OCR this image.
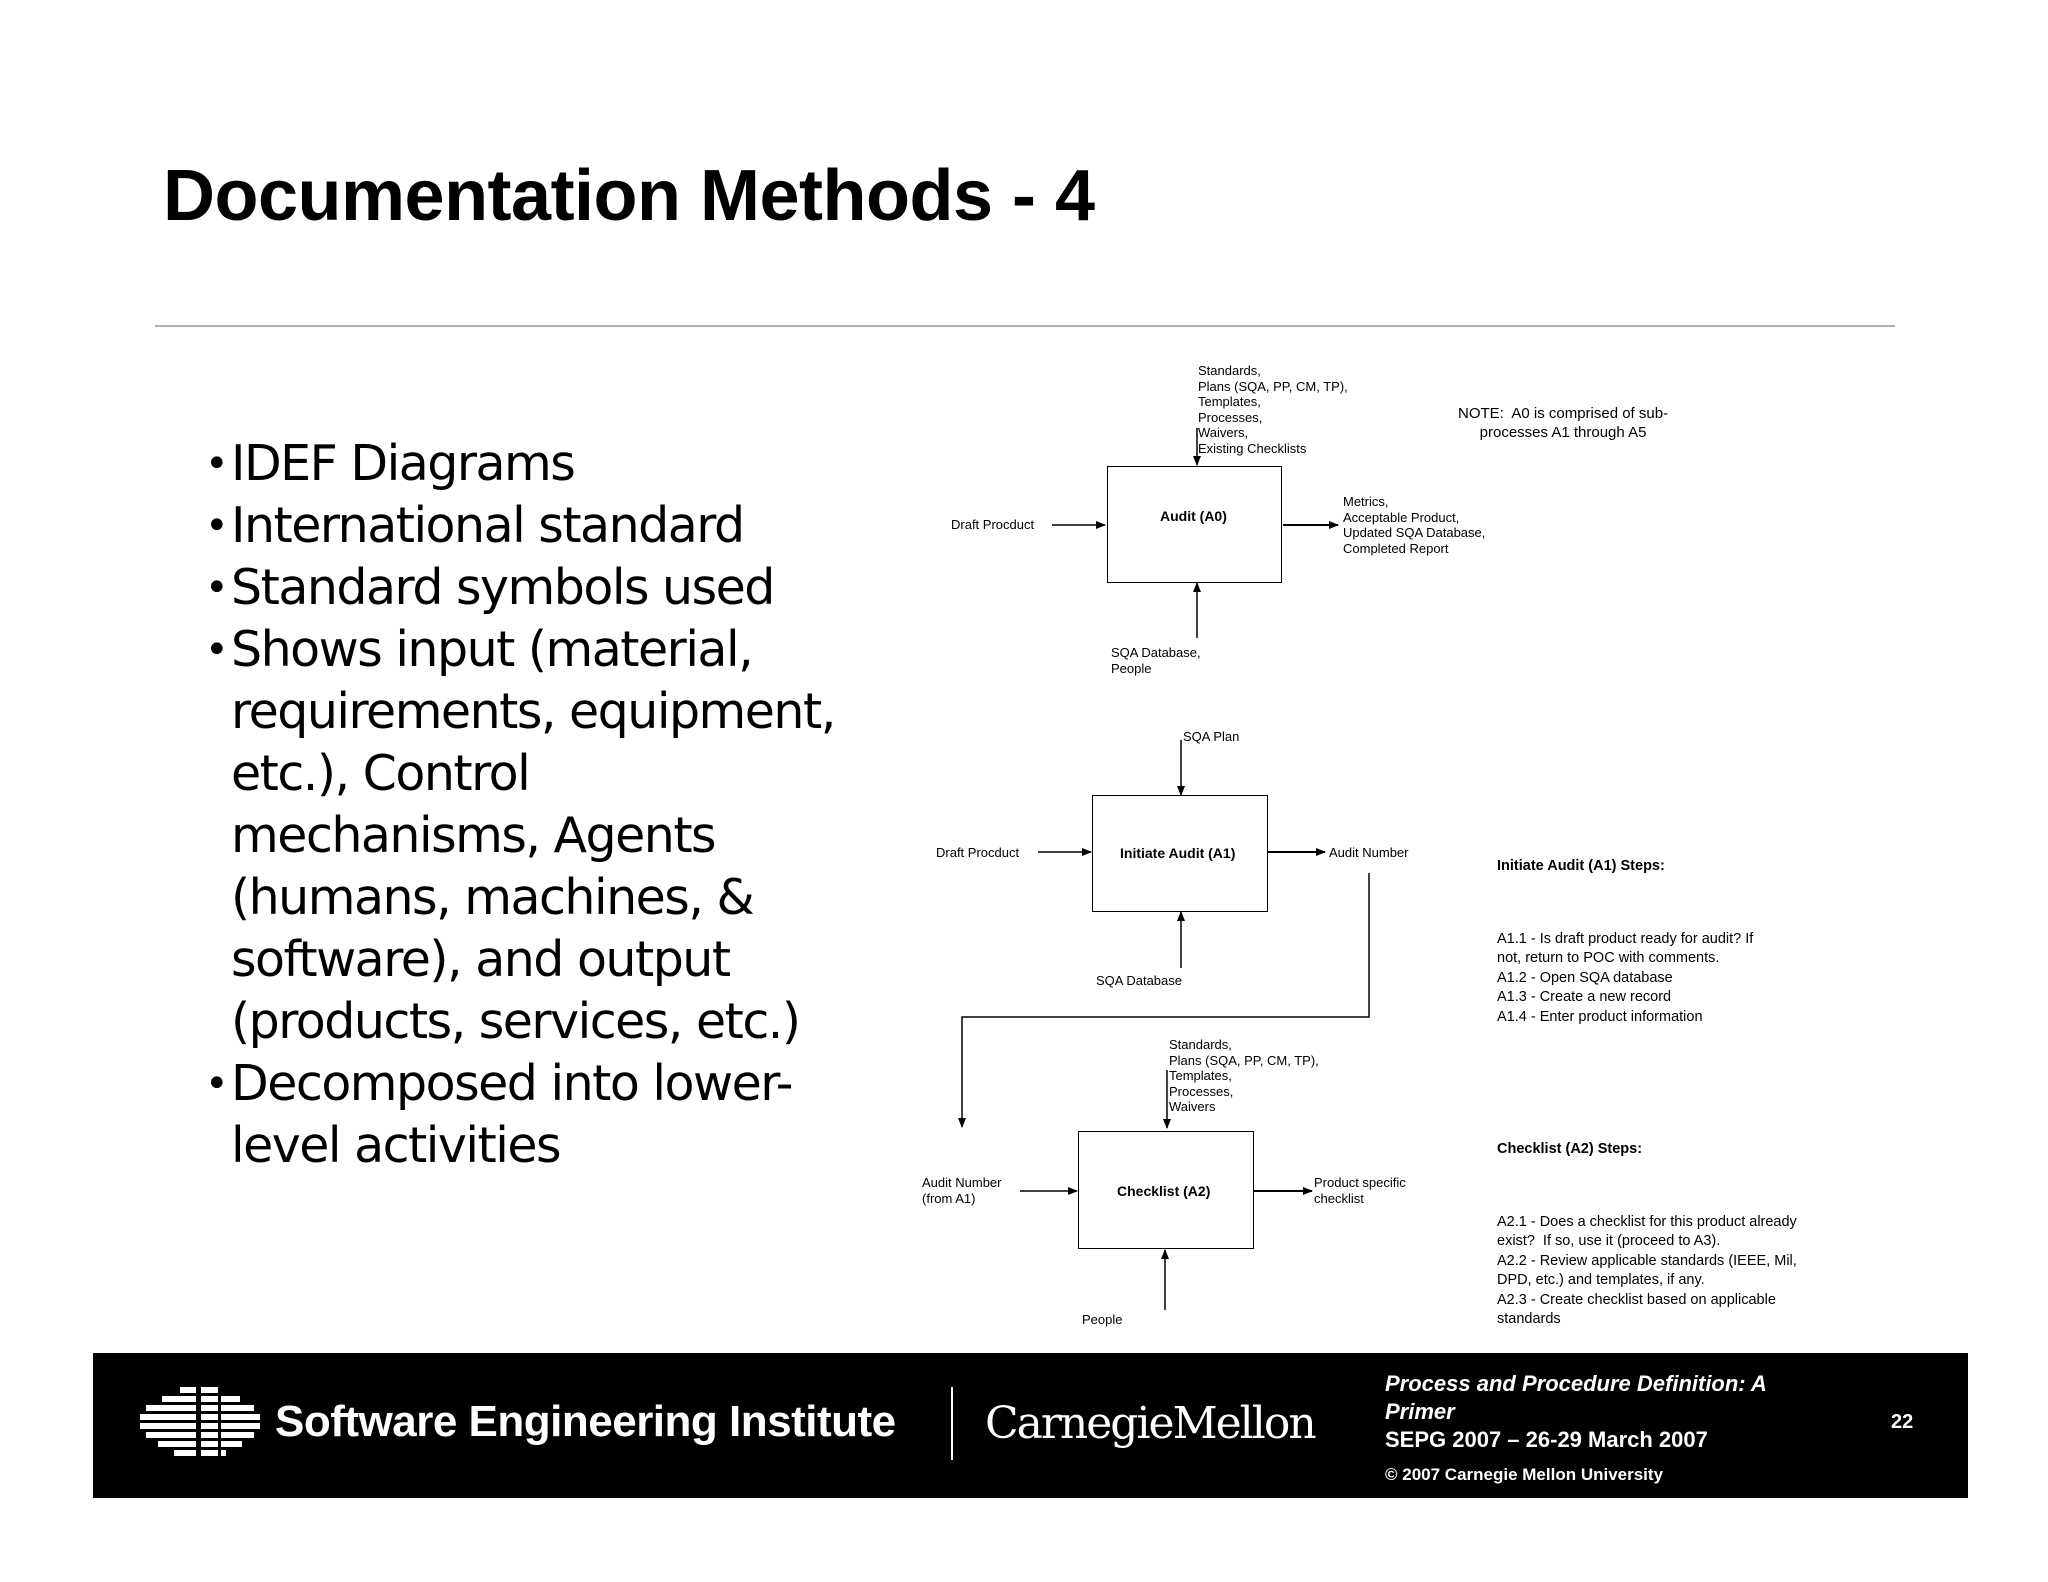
Documentation Methods - 4
• IDEF Diagrams
• International standard
• Standard symbols used
• Shows input (material,
requirements, equipment,
etc.), Control
mechanisms, Agents
(humans, machines, &
software), and output
(products, services, etc.)
• Decomposed into lower-
level activities
Standards,
Plans (SQA, PP, CM, TP),
Templates,
Processes,
Waivers,
Existing Checklists
Draft Procduct
Audit (A0)
Metrics,
Acceptable Product,
Updated SQA Database,
Completed Report
SQA Database,
People
NOTE:  A0 is comprised of sub-
processes A1 through A5
SQA Plan
Draft Procduct	Initiate Audit (A1)	Audit Number
SQA Database

Initiate Audit (A1) Steps:

A1.1 - Is draft product ready for audit? If
not, return to POC with comments.
A1.2 - Open SQA database
A1.3 - Create a new record
A1.4 - Enter product information

Standards,
Plans (SQA, PP, CM, TP),
Templates,
Processes,
Waivers
Audit Number
(from A1)	Checklist (A2)
Product specific
checklist
People

Checklist (A2) Steps:

A2.1 - Does a checklist for this product already
exist?  If so, use it (proceed to A3).
A2.2 - Review applicable standards (IEEE, Mil,
DPD, etc.) and templates, if any.
A2.3 - Create checklist based on applicable
standards

Software Engineering Institute CarnegieMellon
Process and Procedure Definition: A Primer
SEPG 2007 – 26-29 March 2007
© 2007 Carnegie Mellon University
22
